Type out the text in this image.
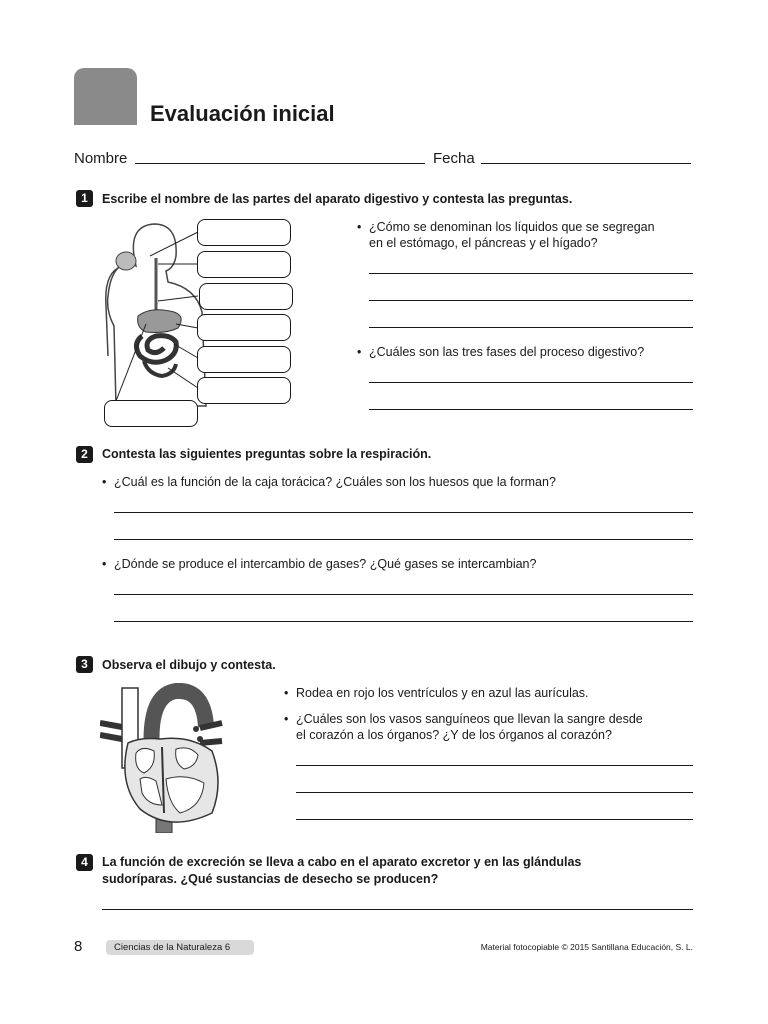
Evaluación inicial
Nombre	Fecha
1	Escribe el nombre de las partes del aparato digestivo y contesta las preguntas.
• ¿Cómo se denominan los líquidos que se segregan
en el estómago, el páncreas y el hígado?
• ¿Cuáles son las tres fases del proceso digestivo?
2	Contesta las siguientes preguntas sobre la respiración.
• ¿Cuál es la función de la caja torácica? ¿Cuáles son los huesos que la forman?
• ¿Dónde se produce el intercambio de gases? ¿Qué gases se intercambian?
3	Observa el dibujo y contesta.
• Rodea en rojo los ventrículos y en azul las aurículas.
• ¿Cuáles son los vasos sanguíneos que llevan la sangre desde
el corazón a los órganos? ¿Y de los órganos al corazón?
4	La función de excreción se lleva a cabo en el aparato excretor y en las glándulas
sudoríparas. ¿Qué sustancias de desecho se producen?
8	Ciencias de la Naturaleza 6	Material fotocopiable © 2015 Santillana Educación, S. L.
